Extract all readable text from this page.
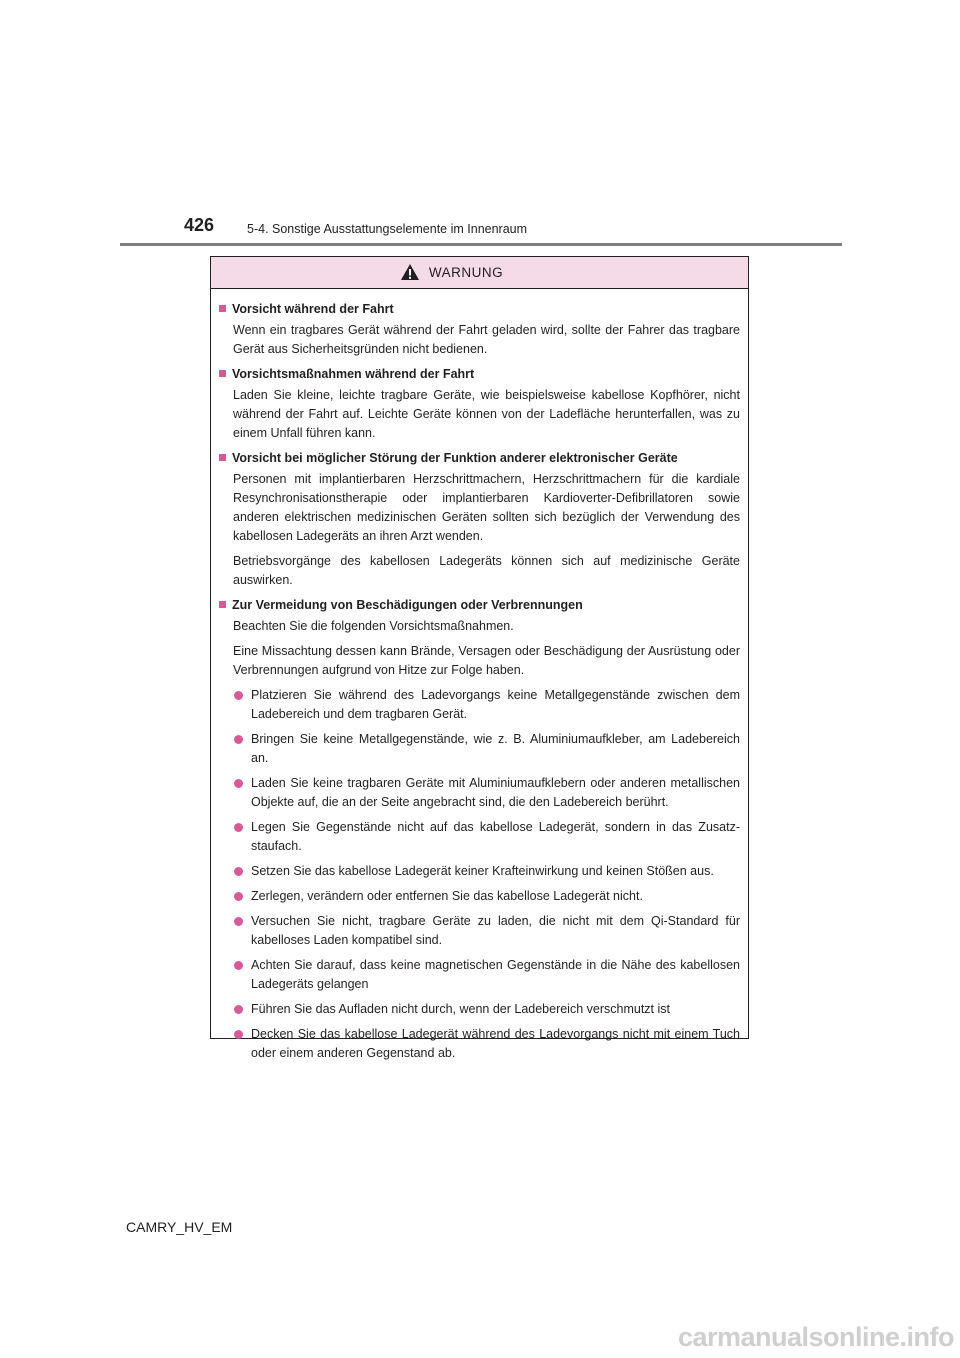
426	5-4. Sonstige Ausstattungselemente im Innenraum
WARNUNG
Vorsicht während der Fahrt

Wenn ein tragbares Gerät während der Fahrt geladen wird, sollte der Fahrer das tragbare Gerät aus Sicherheitsgründen nicht bedienen.

Vorsichtsmaßnahmen während der Fahrt

Laden Sie kleine, leichte tragbare Geräte, wie beispielsweise kabellose Kopfhörer, nicht während der Fahrt auf. Leichte Geräte können von der Ladefläche herunterfallen, was zu einem Unfall führen kann.

Vorsicht bei möglicher Störung der Funktion anderer elektronischer Geräte

Personen mit implantierbaren Herzschrittmachern, Herzschrittmachern für die kardiale Resynchronisationstherapie oder implantierbaren Kardioverter-Defibrillatoren sowie anderen elektrischen medizinischen Geräten sollten sich bezüglich der Verwendung des kabellosen Ladegeräts an ihren Arzt wenden.

Betriebsvorgänge des kabellosen Ladegeräts können sich auf medizinische Geräte auswirken.

Zur Vermeidung von Beschädigungen oder Verbrennungen

Beachten Sie die folgenden Vorsichtsmaßnahmen.

Eine Missachtung dessen kann Brände, Versagen oder Beschädigung der Ausrüstung oder Verbrennungen aufgrund von Hitze zur Folge haben.

Platzieren Sie während des Ladevorgangs keine Metallgegenstände zwischen dem Ladebereich und dem tragbaren Gerät.
Bringen Sie keine Metallgegenstände, wie z. B. Aluminiumaufkleber, am Ladebereich an.
Laden Sie keine tragbaren Geräte mit Aluminiumaufklebern oder anderen metallischen Objekte auf, die an der Seite angebracht sind, die den Ladebereich berührt.
Legen Sie Gegenstände nicht auf das kabellose Ladegerät, sondern in das Zusatzstaufach.
Setzen Sie das kabellose Ladegerät keiner Krafteinwirkung und keinen Stößen aus.
Zerlegen, verändern oder entfernen Sie das kabellose Ladegerät nicht.
Versuchen Sie nicht, tragbare Geräte zu laden, die nicht mit dem Qi-Standard für kabelloses Laden kompatibel sind.
Achten Sie darauf, dass keine magnetischen Gegenstände in die Nähe des kabellosen Ladegeräts gelangen
Führen Sie das Aufladen nicht durch, wenn der Ladebereich verschmutzt ist
Decken Sie das kabellose Ladegerät während des Ladevorgangs nicht mit einem Tuch oder einem anderen Gegenstand ab.
CAMRY_HV_EM
carmanualsonline.info
